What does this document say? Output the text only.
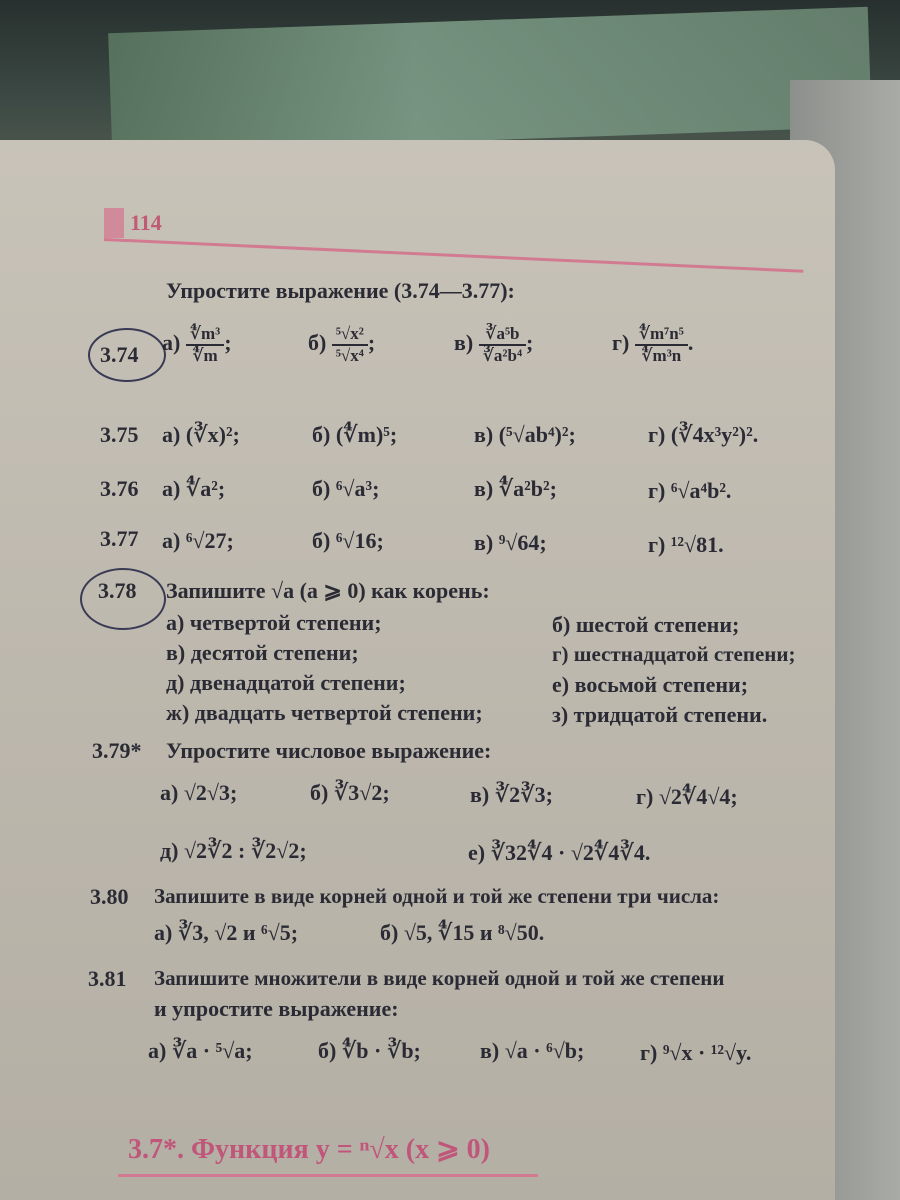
114
Упростите выражение (3.74—3.77):
3.74 $а) \frac{\text{∜m³}}{∜m}$ ;	$б) \frac{\text{⁵√x²}}{\text{⁵√x⁴}}$ ;	$в) \frac{\text{∛a⁵b}}{\text{∛a²b⁴}}$ ;	$г) \frac{\text{∜m⁷n⁵}}{\text{∜m³n}}$ .
3.75 а) (∛x)²;	б) (∜m)⁵;	в) (⁵√ab⁴)²;	г) (∛4x³y²)².
3.76 а) ∜a²;	б) ⁶√a³;	в) ∜a²b²;	г) ⁶√a⁴b².
3.77 а) ⁶√27;	б) ⁶√16;	в) ⁹√64;	г) ¹²√81.
3.78 Запишите √a (a ⩾ 0) как корень:
а) четвертой степени;
в) десятой степени;
д) двенадцатой степени;
ж) двадцать четвертой степени;
б) шестой степени;
г) шестнадцатой степени;
е) восьмой степени;
з) тридцатой степени.
3.79* Упростите числовое выражение:
а) √2√3;	б) ∛3√2;	в) ∛2∛3;	г) √2∜4√4;
д) √2∛2 : ∛2√2;	е) ∛32∜4 · √2∜4∛4.
3.80 Запишите в виде корней одной и той же степени три числа:
а) ∛3, √2 и ⁶√5;	б) √5, ∜15 и ⁸√50.
3.81 Запишите множители в виде корней одной и той же степени
и упростите выражение:
а) ∛a · ⁵√a;	б) ∜b · ∛b;	в) √a · ⁶√b;	г) ⁹√x · ¹²√y.
3.7*. Функция y = ⁿ√x (x ⩾ 0)
